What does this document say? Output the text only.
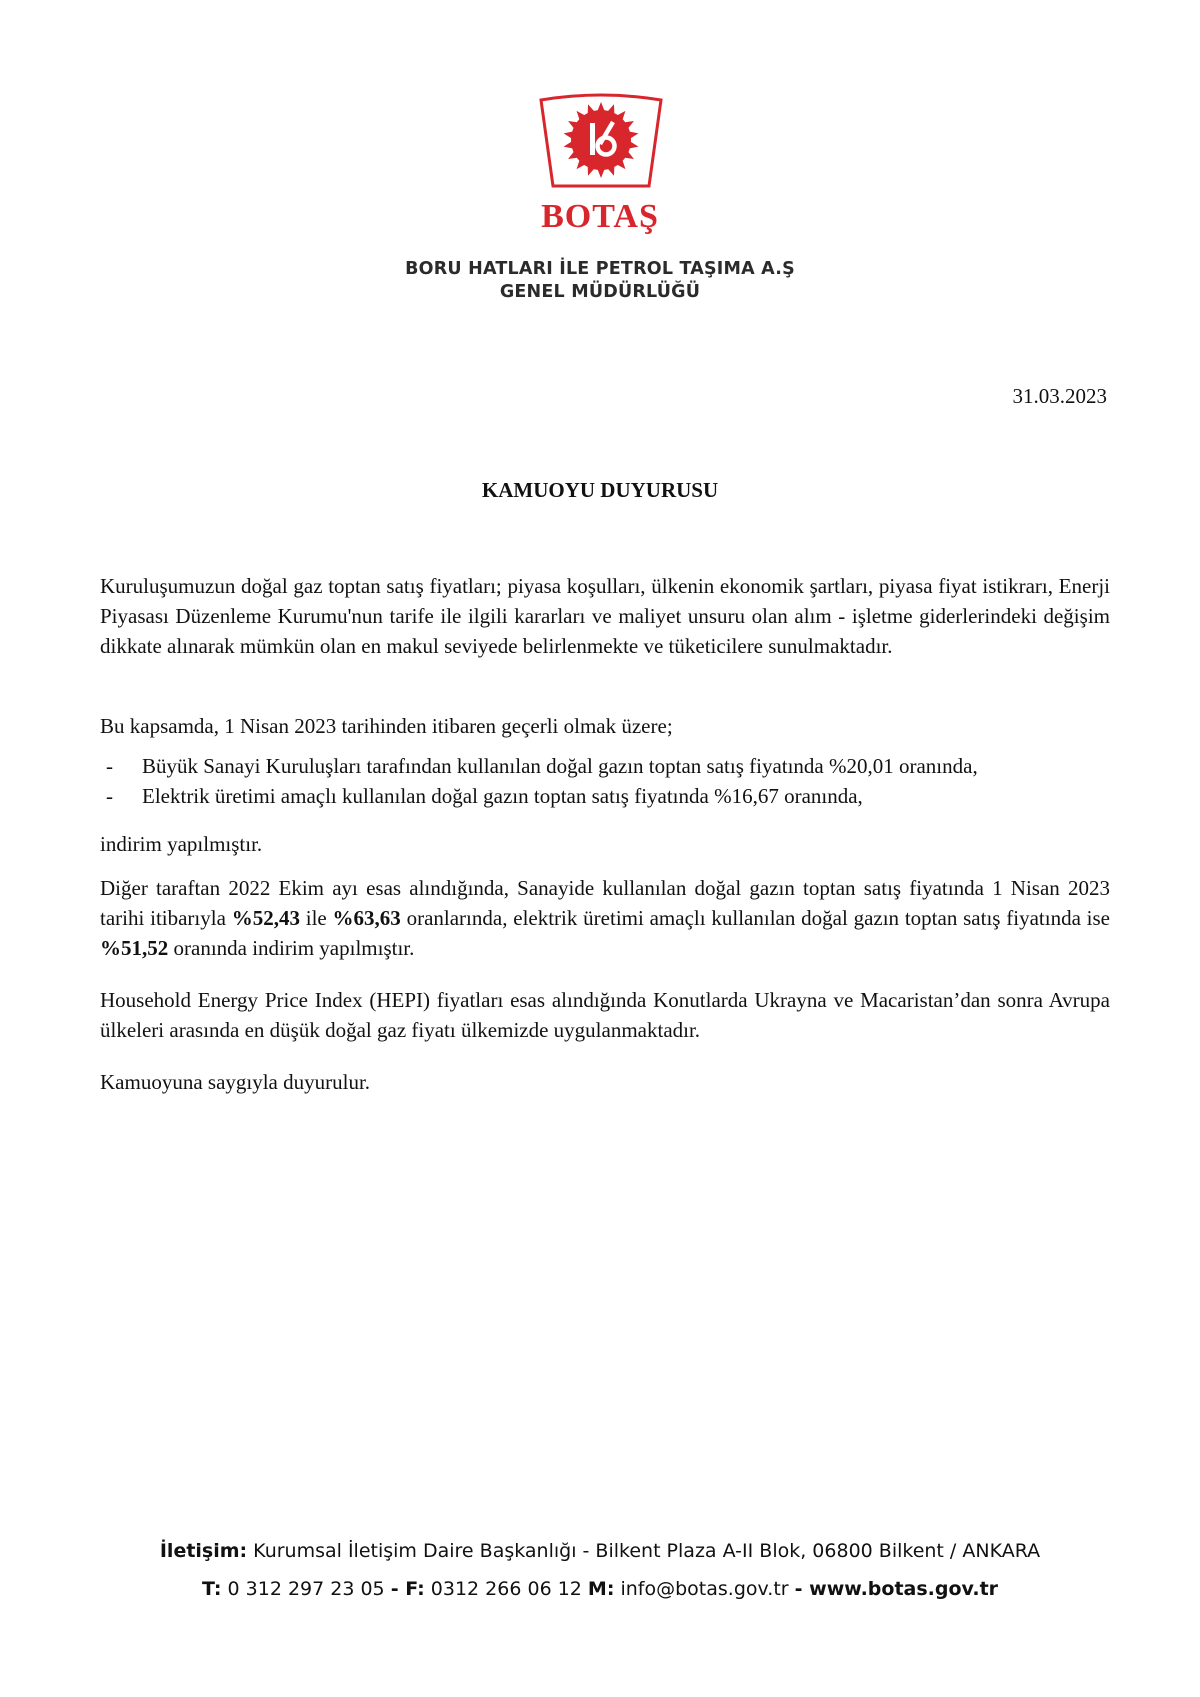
BOTAŞ
BORU HATLARI İLE PETROL TAŞIMA A.Ş
GENEL MÜDÜRLÜĞÜ
31.03.2023
KAMUOYU DUYURUSU
Kuruluşumuzun doğal gaz toptan satış fiyatları; piyasa koşulları, ülkenin ekonomik şartları, piyasa fiyat istikrarı, Enerji Piyasası Düzenleme Kurumu'nun tarife ile ilgili kararları ve maliyet unsuru olan alım - işletme giderlerindeki değişim dikkate alınarak mümkün olan en makul seviyede belirlenmekte ve tüketicilere sunulmaktadır.
Bu kapsamda, 1 Nisan 2023 tarihinden itibaren geçerli olmak üzere;
- Büyük Sanayi Kuruluşları tarafından kullanılan doğal gazın toptan satış fiyatında %20,01 oranında,
- Elektrik üretimi amaçlı kullanılan doğal gazın toptan satış fiyatında %16,67 oranında,
indirim yapılmıştır.
Diğer taraftan 2022 Ekim ayı esas alındığında, Sanayide kullanılan doğal gazın toptan satış fiyatında 1 Nisan 2023 tarihi itibarıyla %52,43 ile %63,63 oranlarında, elektrik üretimi amaçlı kullanılan doğal gazın toptan satış fiyatında ise %51,52 oranında indirim yapılmıştır.
Household Energy Price Index (HEPI) fiyatları esas alındığında Konutlarda Ukrayna ve Macaristan’dan sonra Avrupa ülkeleri arasında en düşük doğal gaz fiyatı ülkemizde uygulanmaktadır.
Kamuoyuna saygıyla duyurulur.
İletişim: Kurumsal İletişim Daire Başkanlığı - Bilkent Plaza A-II Blok, 06800 Bilkent / ANKARA
T: 0 312 297 23 05 - F: 0312 266 06 12 M: info@botas.gov.tr - www.botas.gov.tr
